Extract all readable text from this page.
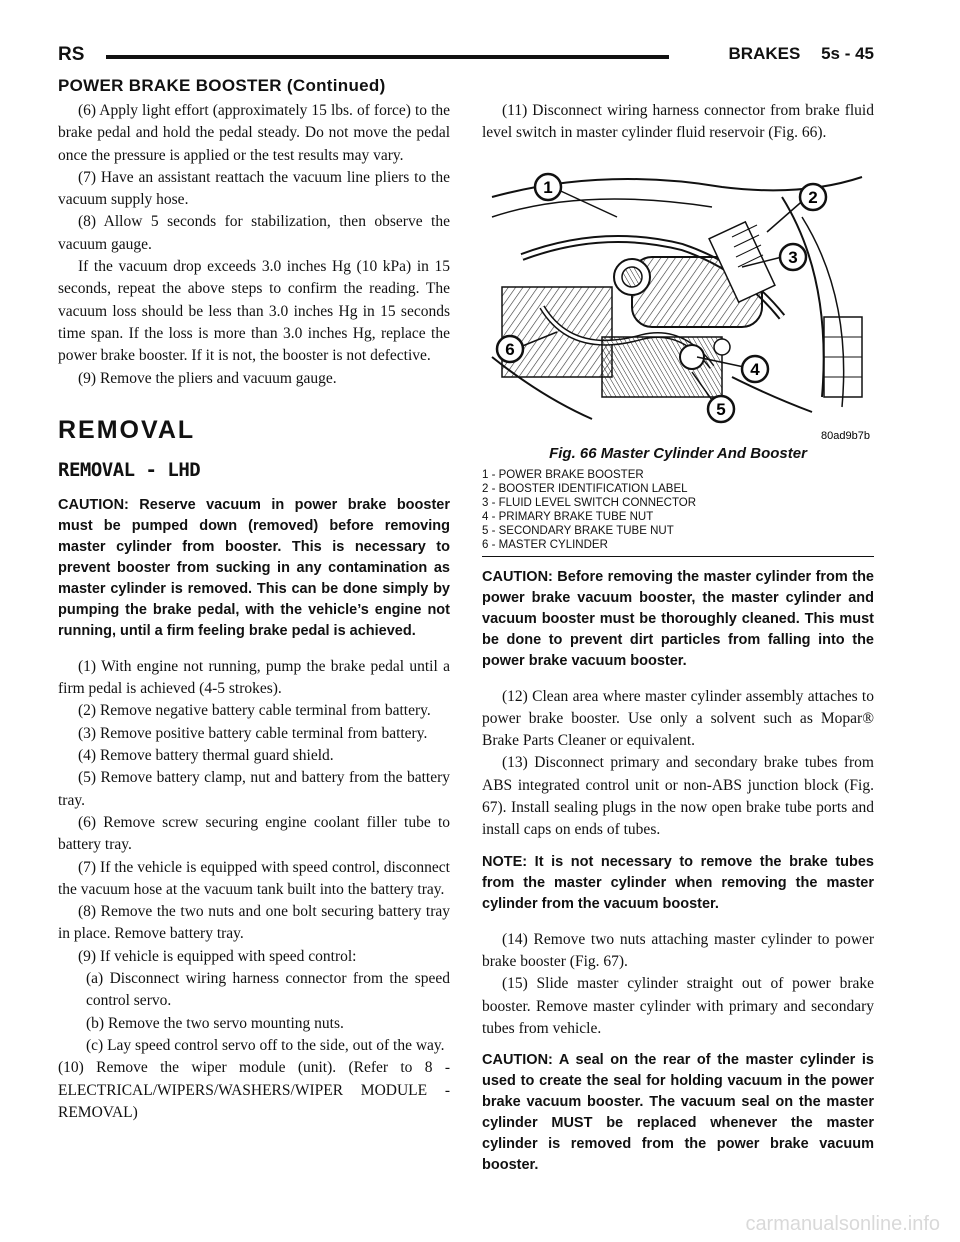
RS	BRAKES 5s - 45
POWER BRAKE BOOSTER (Continued)
(6) Apply light effort (approximately 15 lbs. of force) to the brake pedal and hold the pedal steady. Do not move the pedal once the pressure is applied or the test results may vary.
(7) Have an assistant reattach the vacuum line pliers to the vacuum supply hose.
(8) Allow 5 seconds for stabilization, then observe the vacuum gauge.
If the vacuum drop exceeds 3.0 inches Hg (10 kPa) in 15 seconds, repeat the above steps to confirm the reading. The vacuum loss should be less than 3.0 inches Hg in 15 seconds time span. If the loss is more than 3.0 inches Hg, replace the power brake booster. If it is not, the booster is not defective.
(9) Remove the pliers and vacuum gauge.
REMOVAL
REMOVAL - LHD
CAUTION: Reserve vacuum in power brake booster must be pumped down (removed) before removing master cylinder from booster. This is necessary to prevent booster from sucking in any contamination as master cylinder is removed. This can be done simply by pumping the brake pedal, with the vehicle’s engine not running, until a firm feeling brake pedal is achieved.
(1) With engine not running, pump the brake pedal until a firm pedal is achieved (4-5 strokes).
(2) Remove negative battery cable terminal from battery.
(3) Remove positive battery cable terminal from battery.
(4) Remove battery thermal guard shield.
(5) Remove battery clamp, nut and battery from the battery tray.
(6) Remove screw securing engine coolant filler tube to battery tray.
(7) If the vehicle is equipped with speed control, disconnect the vacuum hose at the vacuum tank built into the battery tray.
(8) Remove the two nuts and one bolt securing battery tray in place. Remove battery tray.
(9) If vehicle is equipped with speed control:
(a) Disconnect wiring harness connector from the speed control servo.
(b) Remove the two servo mounting nuts.
(c) Lay speed control servo off to the side, out of the way.
(10) Remove the wiper module (unit). (Refer to 8 - ELECTRICAL/WIPERS/WASHERS/WIPER MODULE - REMOVAL)
(11) Disconnect wiring harness connector from brake fluid level switch in master cylinder fluid reservoir (Fig. 66).
1
2
3
4
5
6
80ad9b7b
Fig. 66 Master Cylinder And Booster
1 - POWER BRAKE BOOSTER
2 - BOOSTER IDENTIFICATION LABEL
3 - FLUID LEVEL SWITCH CONNECTOR
4 - PRIMARY BRAKE TUBE NUT
5 - SECONDARY BRAKE TUBE NUT
6 - MASTER CYLINDER
CAUTION: Before removing the master cylinder from the power brake vacuum booster, the master cylinder and vacuum booster must be thoroughly cleaned. This must be done to prevent dirt particles from falling into the power brake vacuum booster.
(12) Clean area where master cylinder assembly attaches to power brake booster. Use only a solvent such as Mopar® Brake Parts Cleaner or equivalent.
(13) Disconnect primary and secondary brake tubes from ABS integrated control unit or non-ABS junction block (Fig. 67). Install sealing plugs in the now open brake tube ports and install caps on ends of tubes.
NOTE: It is not necessary to remove the brake tubes from the master cylinder when removing the master cylinder from the vacuum booster.
(14) Remove two nuts attaching master cylinder to power brake booster (Fig. 67).
(15) Slide master cylinder straight out of power brake booster. Remove master cylinder with primary and secondary tubes from vehicle.
CAUTION: A seal on the rear of the master cylinder is used to create the seal for holding vacuum in the power brake vacuum booster. The vacuum seal on the master cylinder MUST be replaced whenever the master cylinder is removed from the power brake vacuum booster.
carmanualsonline.info
